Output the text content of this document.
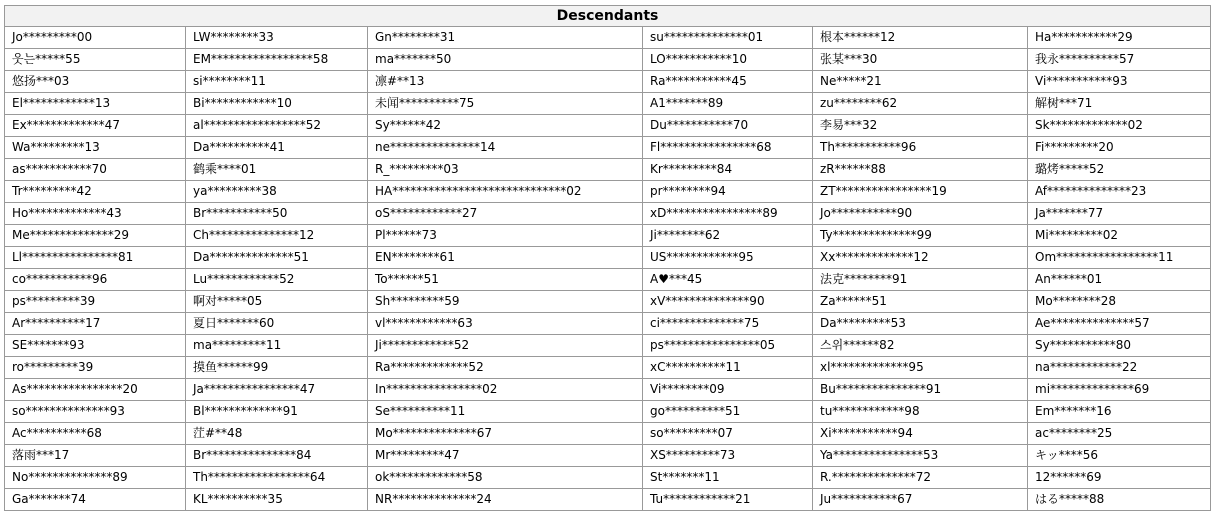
Descendants					
Jo*********00	LW********33	Gn********31	su**************01	根本******12	Ha***********29
웃는*****55	EM*****************58	ma*******50	LO***********10	张某***30	我永**********57
悠扬***03	si********11	凛#**13	Ra***********45	Ne*****21	Vi***********93
El************13	Bi************10	未闻**********75	A1*******89	zu********62	解树***71
Ex*************47	al*****************52	Sy******42	Du***********70	李易***32	Sk*************02
Wa*********13	Da**********41	ne***************14	Fl****************68	Th***********96	Fi*********20
as***********70	鹤乘****01	R_*********03	Kr*********84	zR******88	璐烤*****52
Tr*********42	ya*********38	HA*****************************02	pr********94	ZT****************19	Af**************23
Ho*************43	Br***********50	oS************27	xD****************89	Jo***********90	Ja*******77
Me**************29	Ch***************12	Pl******73	Ji********62	Ty**************99	Mi*********02
Ll****************81	Da**************51	EN********61	US************95	Xx*************12	Om*****************11
co***********96	Lu************52	To******51	A♥***45	法克********91	An******01
ps*********39	啊对*****05	Sh*********59	xV**************90	Za******51	Mo********28
Ar**********17	夏日*******60	vl************63	ci**************75	Da*********53	Ae**************57
SE*******93	ma*********11	Ji************52	ps****************05	스위******82	Sy***********80
ro*********39	摸鱼******99	Ra*************52	xC**********11	xl*************95	na************22
As****************20	Ja****************47	In****************02	Vi********09	Bu***************91	mi**************69
so**************93	Bl*************91	Se**********11	go**********51	tu************98	Em*******16
Ac**********68	茳#**48	Mo**************67	so*********07	Xi***********94	ac********25
落雨***17	Br***************84	Mr*********47	XS*********73	Ya***************53	キッ****56
No**************89	Th*****************64	ok*************58	St*******11	R.**************72	12******69
Ga*******74	KL**********35	NR**************24	Tu************21	Ju***********67	はる*****88
